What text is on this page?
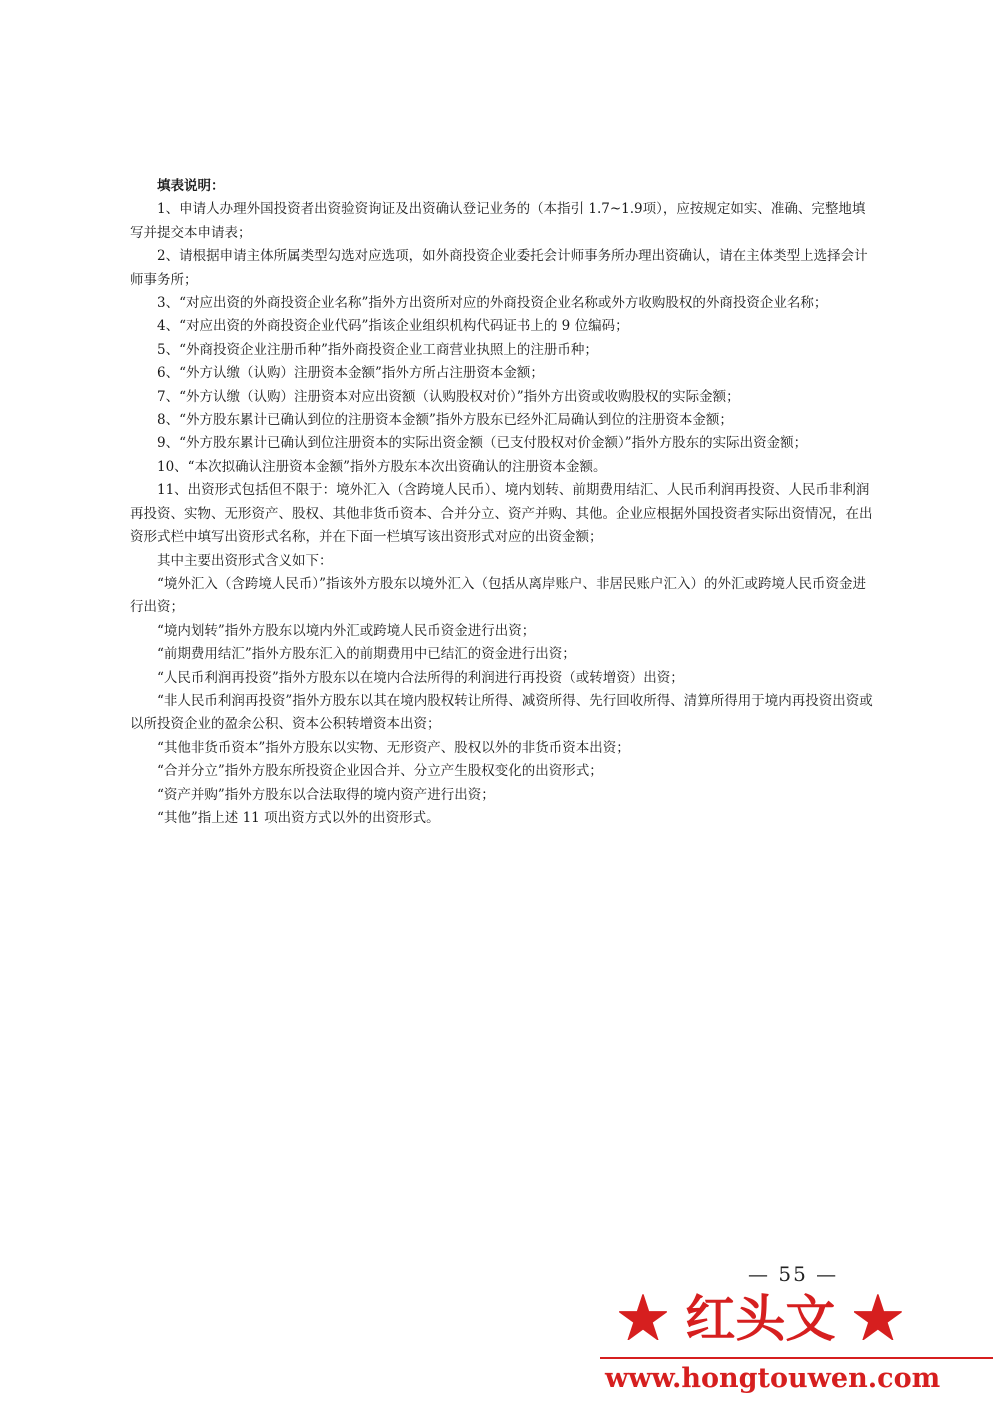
填表说明：

1、申请人办理外国投资者出资验资询证及出资确认登记业务的（本指引 1.7~1.9项），应按规定如实、准确、完整地填写并提交本申请表；

2、请根据申请主体所属类型勾选对应选项，如外商投资企业委托会计师事务所办理出资确认，请在主体类型上选择会计师事务所；

3、“对应出资的外商投资企业名称”指外方出资所对应的外商投资企业名称或外方收购股权的外商投资企业名称；

4、“对应出资的外商投资企业代码”指该企业组织机构代码证书上的 9 位编码；

5、“外商投资企业注册币种”指外商投资企业工商营业执照上的注册币种；

6、“外方认缴（认购）注册资本金额”指外方所占注册资本金额；

7、“外方认缴（认购）注册资本对应出资额（认购股权对价）”指外方出资或收购股权的实际金额；

8、“外方股东累计已确认到位的注册资本金额”指外方股东已经外汇局确认到位的注册资本金额；

9、“外方股东累计已确认到位注册资本的实际出资金额（已支付股权对价金额）”指外方股东的实际出资金额；

10、“本次拟确认注册资本金额”指外方股东本次出资确认的注册资本金额。

11、出资形式包括但不限于：境外汇入（含跨境人民币）、境内划转、前期费用结汇、人民币利润再投资、人民币非利润再投资、实物、无形资产、股权、其他非货币资本、合并分立、资产并购、其他。企业应根据外国投资者实际出资情况，在出资形式栏中填写出资形式名称，并在下面一栏填写该出资形式对应的出资金额；

其中主要出资形式含义如下：

“境外汇入（含跨境人民币）”指该外方股东以境外汇入（包括从离岸账户、非居民账户汇入）的外汇或跨境人民币资金进行出资；

“境内划转”指外方股东以境内外汇或跨境人民币资金进行出资；

“前期费用结汇”指外方股东汇入的前期费用中已结汇的资金进行出资；

“人民币利润再投资”指外方股东以在境内合法所得的利润进行再投资（或转增资）出资；

“非人民币利润再投资”指外方股东以其在境内股权转让所得、减资所得、先行回收所得、清算所得用于境内再投资出资或以所投资企业的盈余公积、资本公积转增资本出资；

“其他非货币资本”指外方股东以实物、无形资产、股权以外的非货币资本出资；

“合并分立”指外方股东所投资企业因合并、分立产生股权变化的出资形式；

“资产并购”指外方股东以合法取得的境内资产进行出资；

“其他”指上述 11 项出资方式以外的出资形式。

— 55 —
★ 红头文 ★
www.hongtouwen.com
